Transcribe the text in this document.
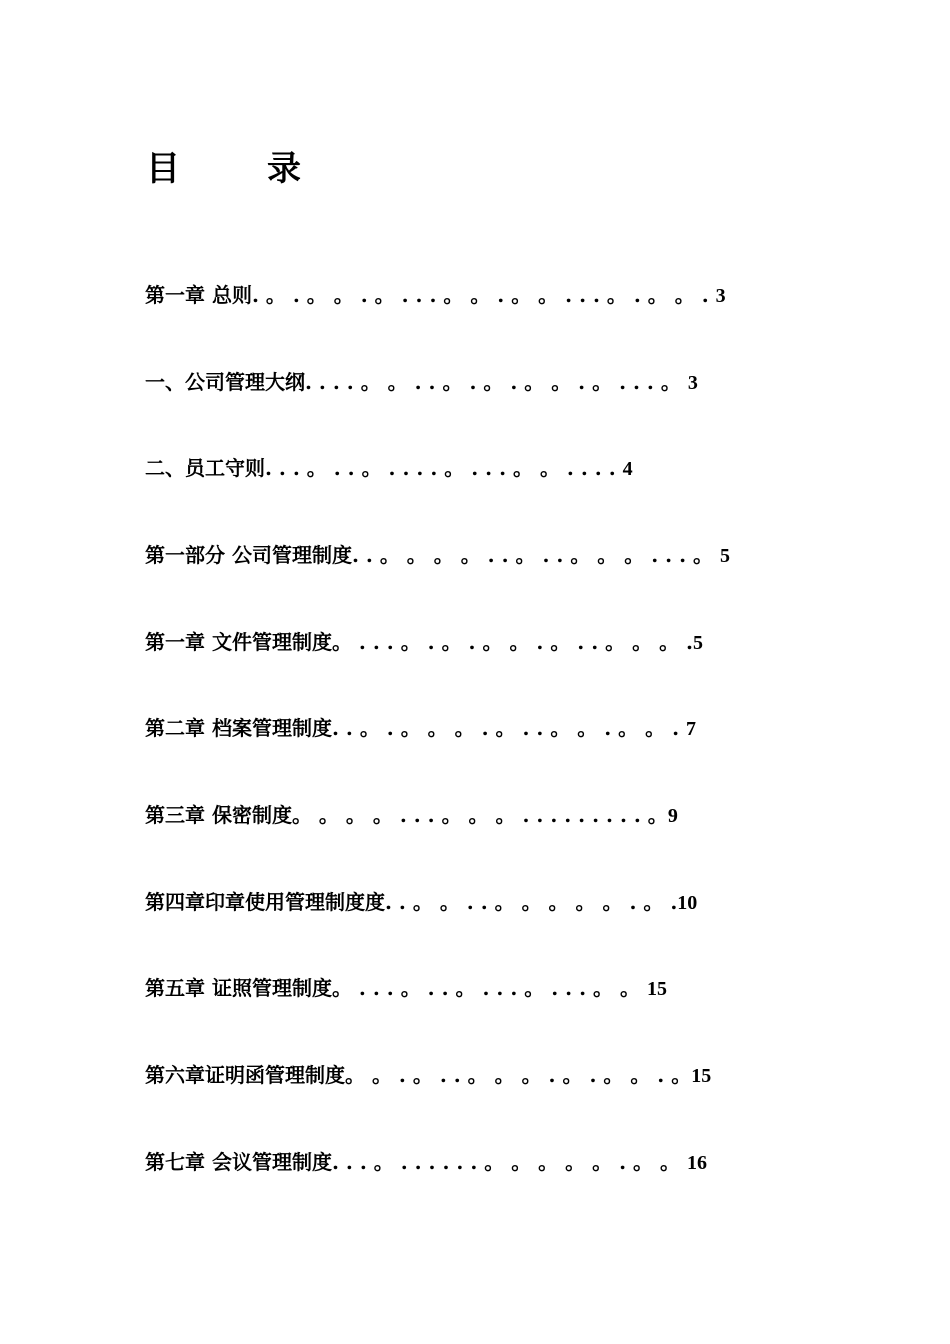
目	录
第一章 总则. 。 . 。 。 . 。 . . . 。 。 . 。 。 . . . 。 . 。 。 . 3
一、公司管理大纲. . . . 。 。 . . 。 . 。 . 。 。 . 。 . . . 。 3
二、员工守则. . . 。 . . 。 . . . . 。 . . . 。 。 . . . . 4
第一部分 公司管理制度. . 。 。 。 。 . . 。 . . 。 。 。 . . . 。 5
第一章 文件管理制度。 . . . 。 . 。 . 。 。 . 。 . . 。 。 。 .5
第二章 档案管理制度. . 。 . 。 。 。 . 。 . . 。 。 . 。 。 . 7
第三章 保密制度。 。 。 。 . . . 。 。 。 . . . . . . . . . 。9
第四章印章使用管理制度度. . 。 。 . . 。 。 。 。 。 . 。 .10
第五章 证照管理制度。 . . . 。 . . 。 . . . 。 . . . 。 。 15
第六章证明函管理制度。 。 . 。 . . 。 。 。 . 。 . 。 。 . 。15
第七章 会议管理制度. . . 。 . . . . . . 。 。 。 。 。 . 。 。 16
